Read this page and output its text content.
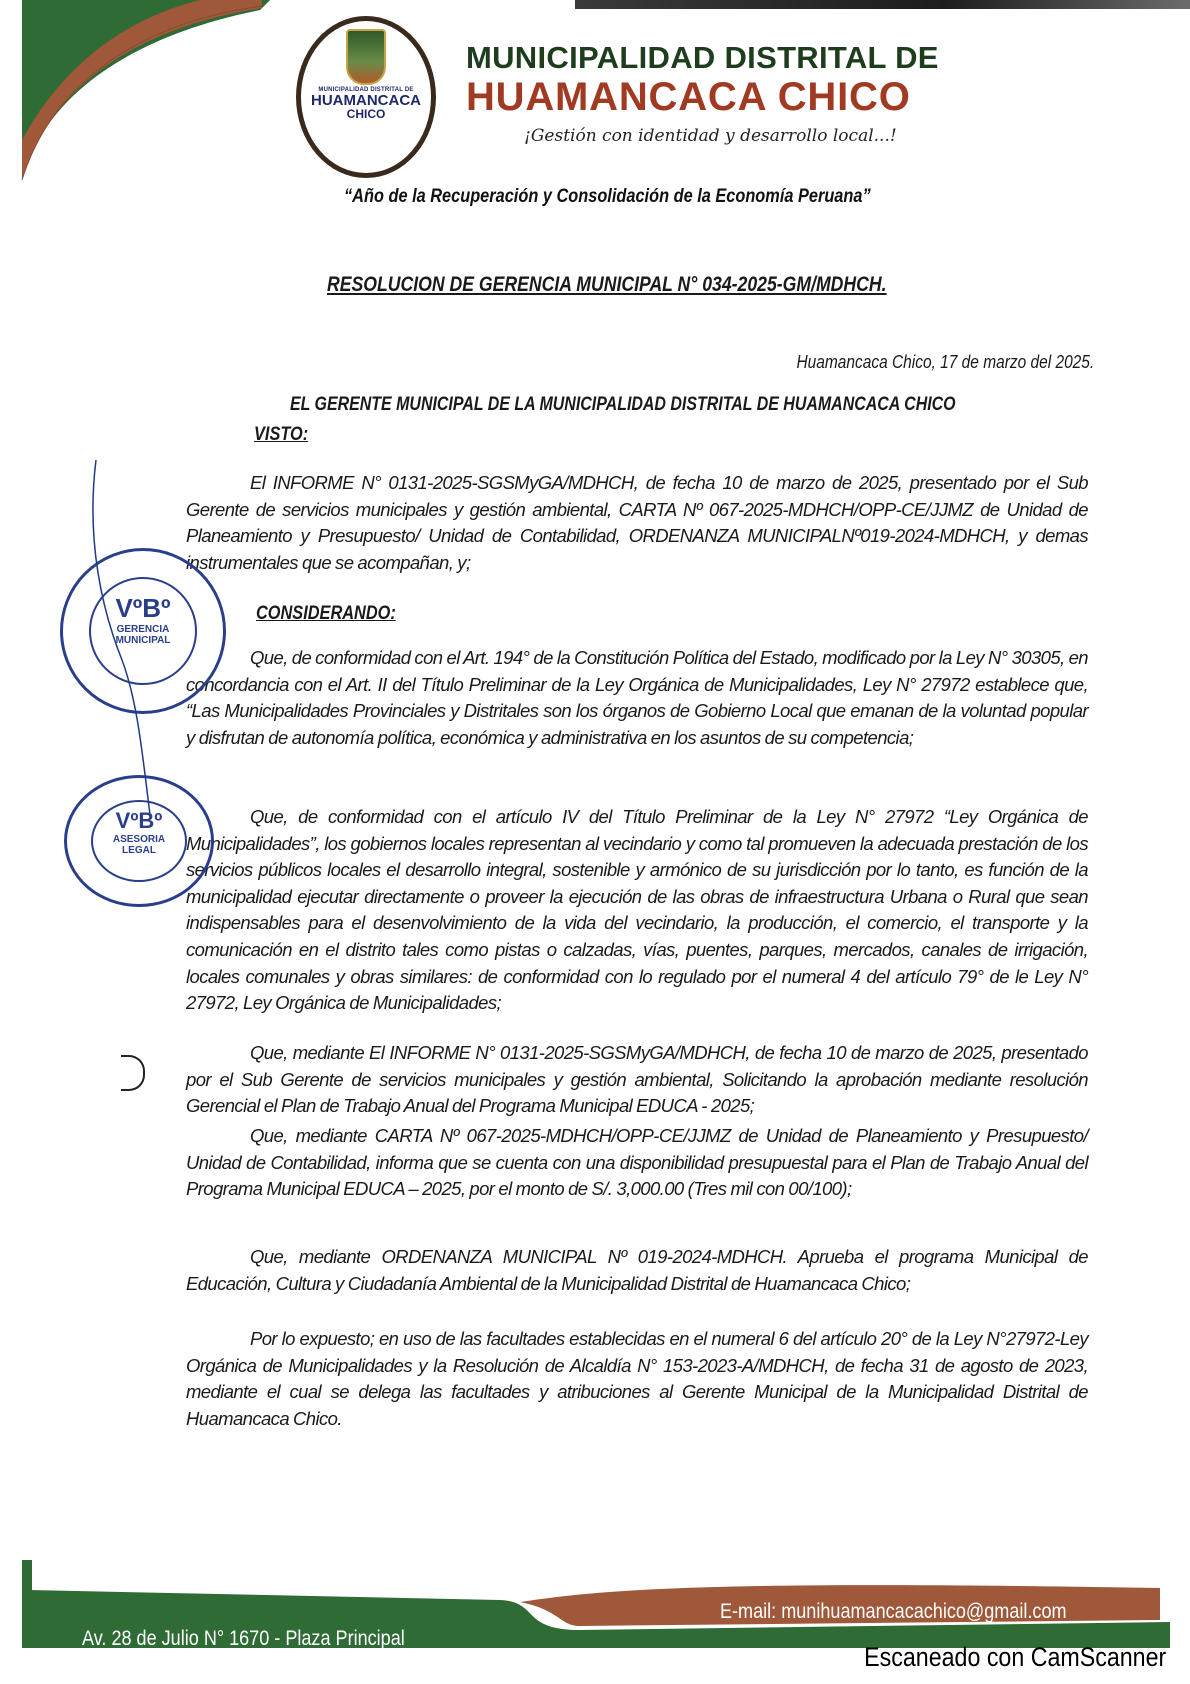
MUNICIPALIDAD DISTRITAL DE
HUAMANCACA
CHICO
MUNICIPALIDAD DISTRITAL DE
HUAMANCACA CHICO
¡Gestión con identidad y desarrollo local...!
“Año de la Recuperación y Consolidación de la Economía Peruana”
RESOLUCION DE GERENCIA MUNICIPAL N° 034-2025-GM/MDHCH.
Huamancaca Chico, 17 de marzo del 2025.
EL GERENTE MUNICIPAL DE LA MUNICIPALIDAD DISTRITAL DE HUAMANCACA CHICO
VISTO:
El INFORME N° 0131-2025-SGSMyGA/MDHCH, de fecha 10 de marzo de 2025, presentado por el Sub Gerente de servicios municipales y gestión ambiental, CARTA Nº 067-2025-MDHCH/OPP-CE/JJMZ de Unidad de Planeamiento y Presupuesto/ Unidad de Contabilidad, ORDENANZA MUNICIPALNº019-2024-MDHCH, y demas instrumentales que se acompañan, y;
CONSIDERANDO:
Que, de conformidad con el Art. 194° de la Constitución Política del Estado, modificado por la Ley N° 30305, en concordancia con el Art. II del Título Preliminar de la Ley Orgánica de Municipalidades, Ley N° 27972 establece que, “Las Municipalidades Provinciales y Distritales son los órganos de Gobierno Local que emanan de la voluntad popular y disfrutan de autonomía política, económica y administrativa en los asuntos de su competencia;
Que, de conformidad con el artículo IV del Título Preliminar de la Ley N° 27972 “Ley Orgánica de Municipalidades”, los gobiernos locales representan al vecindario y como tal promueven la adecuada prestación de los servicios públicos locales el desarrollo integral, sostenible y armónico de su jurisdicción por lo tanto, es función de la municipalidad ejecutar directamente o proveer la ejecución de las obras de infraestructura Urbana o Rural que sean indispensables para el desenvolvimiento de la vida del vecindario, la producción, el comercio, el transporte y la comunicación en el distrito tales como pistas o calzadas, vías, puentes, parques, mercados, canales de irrigación, locales comunales y obras similares: de conformidad con lo regulado por el numeral 4 del artículo 79° de le Ley N° 27972, Ley Orgánica de Municipalidades;
Que, mediante El INFORME N° 0131-2025-SGSMyGA/MDHCH, de fecha 10 de marzo de 2025, presentado por el Sub Gerente de servicios municipales y gestión ambiental, Solicitando la aprobación mediante resolución Gerencial el Plan de Trabajo Anual del Programa Municipal EDUCA - 2025;
Que, mediante CARTA Nº 067-2025-MDHCH/OPP-CE/JJMZ de Unidad de Planeamiento y Presupuesto/ Unidad de Contabilidad, informa que se cuenta con una disponibilidad presupuestal para el Plan de Trabajo Anual del Programa Municipal EDUCA – 2025, por el monto de S/. 3,000.00 (Tres mil con 00/100);
Que, mediante ORDENANZA MUNICIPAL Nº 019-2024-MDHCH. Aprueba el programa Municipal de Educación, Cultura y Ciudadanía Ambiental de la Municipalidad Distrital de Huamancaca Chico;
Por lo expuesto; en uso de las facultades establecidas en el numeral 6 del artículo 20° de la Ley N°27972-Ley Orgánica de Municipalidades y la Resolución de Alcaldía N° 153-2023-A/MDHCH, de fecha 31 de agosto de 2023, mediante el cual se delega las facultades y atribuciones al Gerente Municipal de la Municipalidad Distrital de Huamancaca Chico.
VºBº
GERENCIA
MUNICIPAL
VºBº
ASESORIA
LEGAL
Av. 28 de Julio N° 1670 - Plaza Principal
E-mail: munihuamancacachico@gmail.com
Escaneado con CamScanner
